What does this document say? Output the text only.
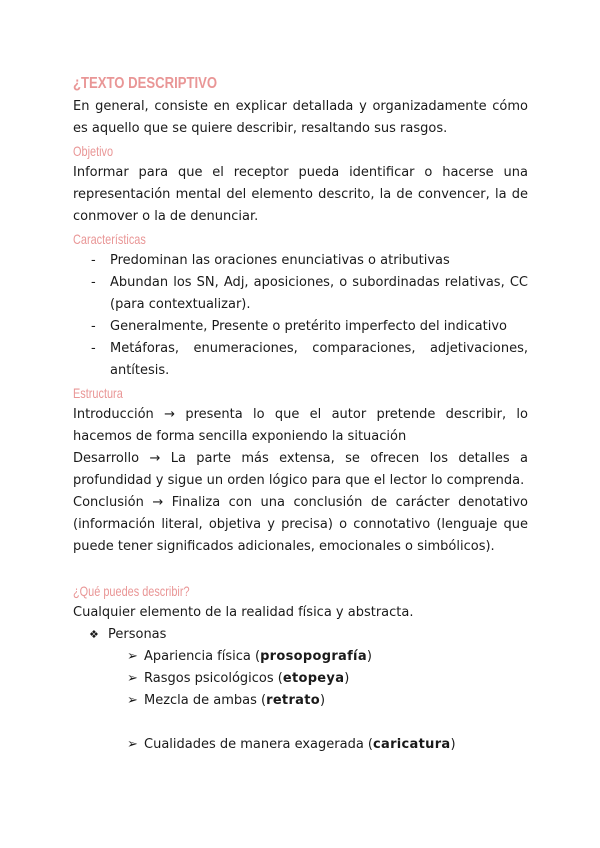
¿TEXTO DESCRIPTIVO

En general, consiste en explicar detallada y organizadamente cómo es aquello que se quiere describir, resaltando sus rasgos.

Objetivo

Informar para que el receptor pueda identificar o hacerse una representación mental del elemento descrito, la de convencer, la de conmover o la de denunciar.

Características
- Predominan las oraciones enunciativas o atributivas
- Abundan los SN, Adj, aposiciones, o subordinadas relativas, CC (para contextualizar).
- Generalmente, Presente o pretérito imperfecto del indicativo
- Metáforas, enumeraciones, comparaciones, adjetivaciones, antítesis.
Estructura

Introducción → presenta lo que el autor pretende describir, lo hacemos de forma sencilla exponiendo la situación

Desarrollo → La parte más extensa, se ofrecen los detalles a profundidad y sigue un orden lógico para que el lector lo comprenda.

Conclusión → Finaliza con una conclusión de carácter denotativo (información literal, objetiva y precisa) o connotativo (lenguaje que puede tener significados adicionales, emocionales o simbólicos).

¿Qué puedes describir?

Cualquier elemento de la realidad física y abstracta.

❖ Personas
➢ Apariencia física (prosopografía)
➢ Rasgos psicológicos (etopeya)
➢ Mezcla de ambas (retrato)
➢ Cualidades de manera exagerada (caricatura)
